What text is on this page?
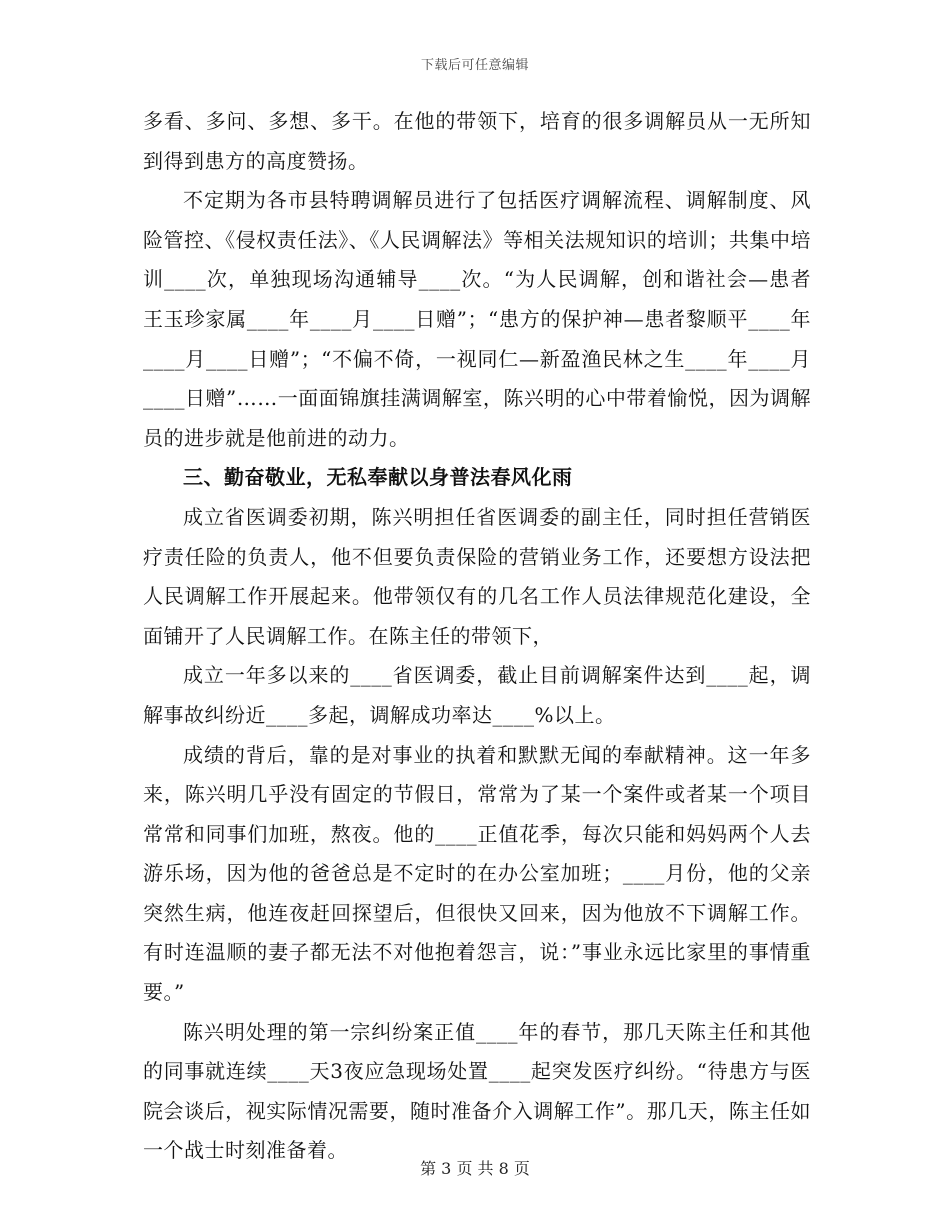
下载后可任意编辑

多看、多问、多想、多干。在他的带领下，培育的很多调解员从一无所知到得到患方的高度赞扬。

不定期为各市县特聘调解员进行了包括医疗调解流程、调解制度、风险管控、《侵权责任法》、《人民调解法》等相关法规知识的培训；共集中培训____次，单独现场沟通辅导____次。“为人民调解，创和谐社会—患者王玉珍家属____年____月____日赠”；“患方的保护神—患者黎顺平____年____月____日赠”；“不偏不倚，一视同仁—新盈渔民林之生____年____月____日赠”……一面面锦旗挂满调解室，陈兴明的心中带着愉悦，因为调解员的进步就是他前进的动力。

三、勤奋敬业，无私奉献以身普法春风化雨

成立省医调委初期，陈兴明担任省医调委的副主任，同时担任营销医疗责任险的负责人，他不但要负责保险的营销业务工作，还要想方设法把人民调解工作开展起来。他带领仅有的几名工作人员法律规范化建设，全面铺开了人民调解工作。在陈主任的带领下，

成立一年多以来的____省医调委，截止目前调解案件达到____起，调解事故纠纷近____多起，调解成功率达____%以上。

成绩的背后，靠的是对事业的执着和默默无闻的奉献精神。这一年多来，陈兴明几乎没有固定的节假日，常常为了某一个案件或者某一个项目常常和同事们加班，熬夜。他的____正值花季，每次只能和妈妈两个人去游乐场，因为他的爸爸总是不定时的在办公室加班；____月份，他的父亲突然生病，他连夜赶回探望后，但很快又回来，因为他放不下调解工作。有时连温顺的妻子都无法不对他抱着怨言，说：”事业永远比家里的事情重要。”

陈兴明处理的第一宗纠纷案正值____年的春节，那几天陈主任和其他的同事就连续____天3夜应急现场处置____起突发医疗纠纷。“待患方与医院会谈后，视实际情况需要，随时准备介入调解工作”。那几天，陈主任如一个战士时刻准备着。

第 3 页 共 8 页
